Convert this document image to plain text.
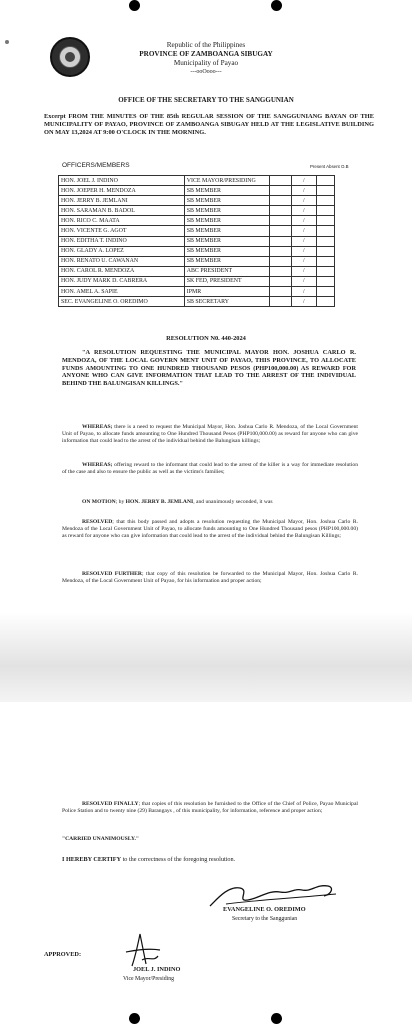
Republic of the Philippines
PROVINCE OF ZAMBOANGA SIBUGAY
Municipality of Payao
---ooOooo---
OFFICE OF THE SECRETARY TO THE SANGGUNIAN
Excerpt FROM THE MINUTES OF THE 85th REGULAR SESSION OF THE SANGGUNIANG BAYAN OF THE MUNICIPALITY OF PAYAO, PROVINCE OF ZAMBOANGA SIBUGAY HELD AT THE LEGISLATIVE BUILDING ON MAY 13,2024 AT 9:00 O'CLOCK IN THE MORNING.
OFFICERS/MEMBERS	Present Absent O.B
HON. JOEL J. INDINO	VICE MAYOR/PRESIDING		/	
HON. JOEPER H. MENDOZA	SB MEMBER		/	
HON. JERRY B. JEMLANI	SB MEMBER		/	
HON. SARAMAN B. BADOL	SB MEMBER		/	
HON. RICO C. MAATA	SB MEMBER		/	
HON. VICENTE G. AGOT	SB MEMBER		/	
HON. EDITHA T. INDINO	SB MEMBER		/	
HON. GLADY A. LOPEZ	SB MEMBER		/	
HON. RENATO U. CAWANAN	SB MEMBER		/	
HON. CAROL R. MENDOZA	ABC PRESIDENT		/	
HON. JUDY MARK D. CABRERA	SK FED, PRESIDENT		/	
HON. AMEL A. SAPIE	IPMR		/	
SEC. EVANGELINE O. OREDIMO	SB SECRETARY		/	
RESOLUTION N0. 440-2024
"A RESOLUTION REQUESTING THE MUNICIPAL MAYOR HON. JOSHUA CARLO R. MENDOZA, OF THE LOCAL GOVERN MENT UNIT OF PAYAO, THIS PROVINCE, TO ALLOCATE FUNDS AMOUNTING TO ONE HUNDRED THOUSAND PESOS (PHP100,000.00) AS REWARD FOR ANYONE WHO CAN GIVE INFORMATION THAT LEAD TO THE ARREST OF THE INDIVIDUAL BEHIND THE BALUNGISAN KILLINGS."
WHEREAS; there is a need to request the Municipal Mayor, Hon. Joshua Carlo R. Mendoza, of the Local Government Unit of Payao, to allocate funds amounting to One Hundred Thousand Pesos (PHP100,000.00) as reward for anyone who can give information that could lead to the arrest of the individual behind the Balungisan killings;
WHEREAS; offering reward to the informant that could lead to the arrest of the killer is a way for immediate resolution of the case and also to ensure the public as well as the victims's families;
ON MOTION; by HON. JERRY B. JEMLANI, and unanimously seconded, it was
RESOLVED; that this body passed and adopts a resolution requesting the Municipal Mayor, Hon. Joshua Carlo R. Mendoza of the Local Government Unit of Payao, to allocate funds amounting to One Hundred Thousand pesos (PHP100,000.00) as reward for anyone who can give information that could lead to the arrest of the individual behind the Balungisan Killings;
RESOLVED FURTHER; that copy of this resolution be forwarded to the Municipal Mayor, Hon. Joshua Carlo R. Mendoza, of the Local Government Unit of Payao, for his information and proper action;
RESOLVED FINALLY; that copies of this resolution be furnished to the Office of the Chief of Police, Payao Municipal Police Station and to twenty nine (29) Barangays , of this municipality, for information, reference and proper action;
"CARRIED UNANIMOUSLY."
I HEREBY CERTIFY to the correctness of the foregoing resolution.
EVANGELINE O. OREDIMO
Secretary to the Sanggunian
APPROVED:
JOEL J. INDINO
Vice Mayor/Presiding
